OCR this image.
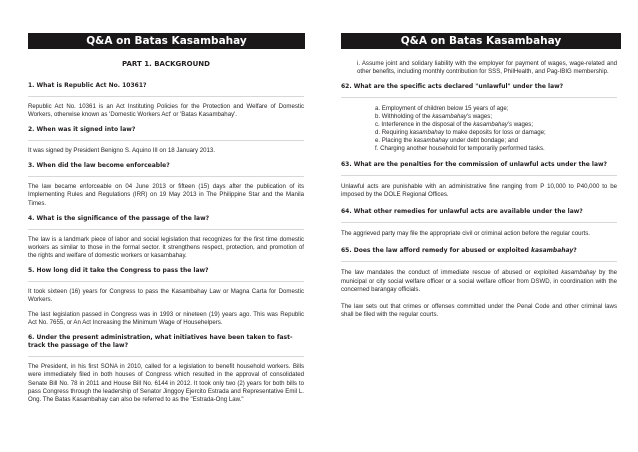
Q&A on Batas Kasambahay
PART 1. BACKGROUND
1. What is Republic Act No. 10361?
Republic Act No. 10361 is an Act Instituting Policies for the Protection and Welfare of Domestic Workers, otherwise known as 'Domestic Workers Act' or 'Batas Kasambahay'.
2. When was it signed into law?
It was signed by President Benigno S. Aquino III on 18 January 2013.
3. When did the law become enforceable?
The law became enforceable on 04 June 2013 or fifteen (15) days after the publication of its Implementing Rules and Regulations (IRR) on 19 May 2013 in The Philippine Star and the Manila Times.
4. What is the significance of the passage of the law?
The law is a landmark piece of labor and social legislation that recognizes for the first time domestic workers as similar to those in the formal sector. It strengthens respect, protection, and promotion of the rights and welfare of domestic workers or kasambahay.
5. How long did it take the Congress to pass the law?
It took sixteen (16) years for Congress to pass the Kasambahay Law or Magna Carta for Domestic Workers.
The last legislation passed in Congress was in 1993 or nineteen (19) years ago. This was Republic Act No. 7655, or An Act Increasing the Minimum Wage of Househelpers.
6. Under the present administration, what initiatives have been taken to fast-track the passage of the law?
The President, in his first SONA in 2010, called for a legislation to benefit household workers. Bills were immediately filed in both houses of Congress which resulted in the approval of consolidated Senate Bill No. 78 in 2011 and House Bill No. 6144 in 2012. It took only two (2) years for both bills to pass Congress through the leadership of Senator Jinggoy Ejercito Estrada and Representative Emil L. Ong. The Batas Kasambahay can also be referred to as the "Estrada-Ong Law."
Q&A on Batas Kasambahay
i. Assume joint and solidary liability with the employer for payment of wages, wage-related and other benefits, including monthly contribution for SSS, PhilHealth, and Pag-IBIG membership.
62. What are the specific acts declared "unlawful" under the law?
a. Employment of children below 15 years of age;
b. Withholding of the kasambahay's wages;
c. Interference in the disposal of the kasambahay's wages;
d. Requiring kasambahay to make deposits for loss or damage;
e. Placing the kasambahay under debt bondage; and
f. Charging another household for temporarily performed tasks.
63. What are the penalties for the commission of unlawful acts under the law?
Unlawful acts are punishable with an administrative fine ranging from P 10,000 to P40,000 to be imposed by the DOLE Regional Offices.
64. What other remedies for unlawful acts are available under the law?
The aggrieved party may file the appropriate civil or criminal action before the regular courts.
65. Does the law afford remedy for abused or exploited kasambahay?
The law mandates the conduct of immediate rescue of abused or exploited kasambahay by the municipal or city social welfare officer or a social welfare officer from DSWD, in coordination with the concerned barangay officials.
The law sets out that crimes or offenses committed under the Penal Code and other criminal laws shall be filed with the regular courts.
